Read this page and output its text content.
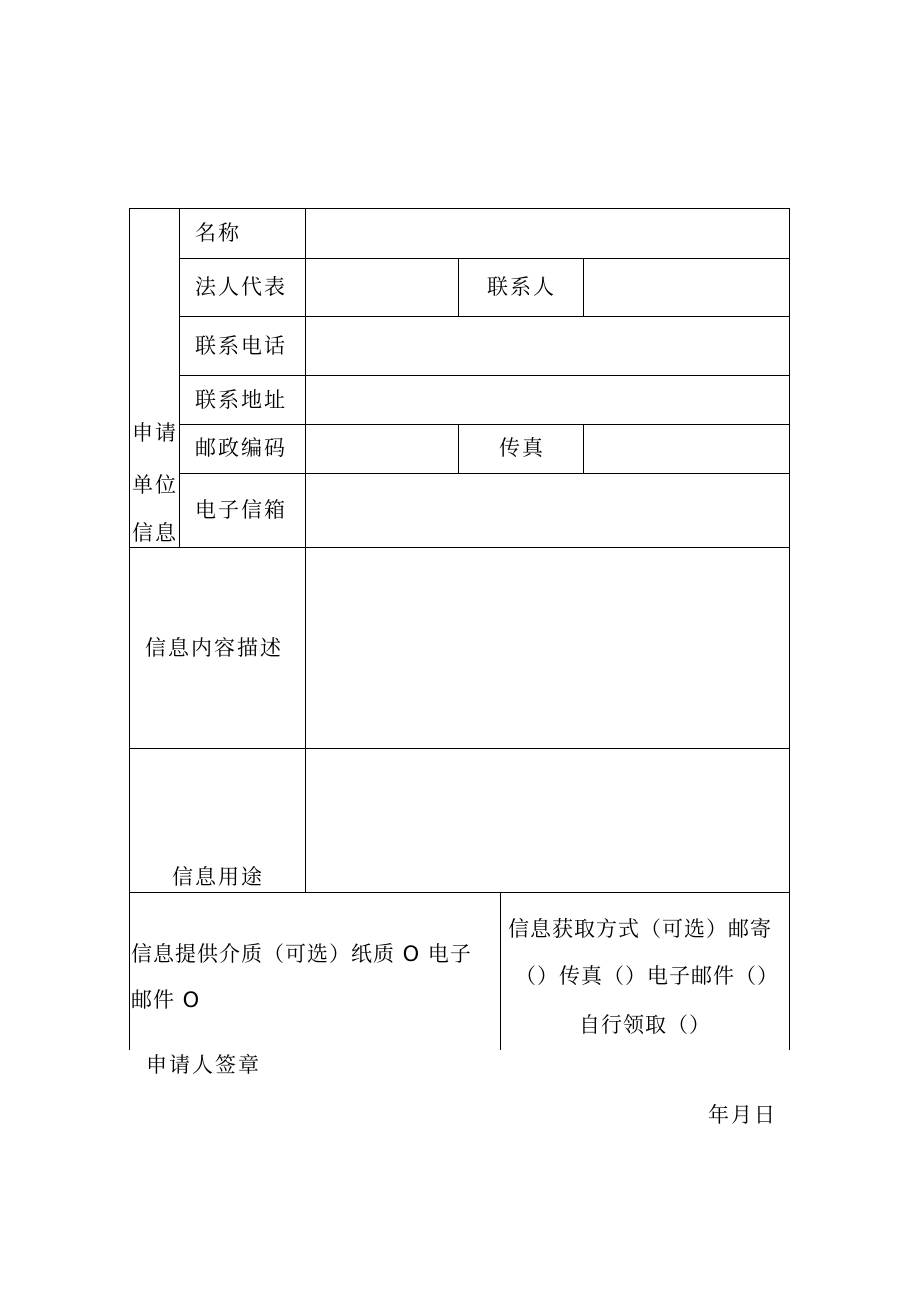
申请
单位
信息
名称
法人代表	联系人
联系电话
联系地址
邮政编码	传真
电子信箱
信息内容描述
信息用途
信息提供介质（可选）纸质 O 电子
邮件 O
信息获取方式（可选）邮寄
（）传真（）电子邮件（）
自行领取（）
申请人签章
年月日
